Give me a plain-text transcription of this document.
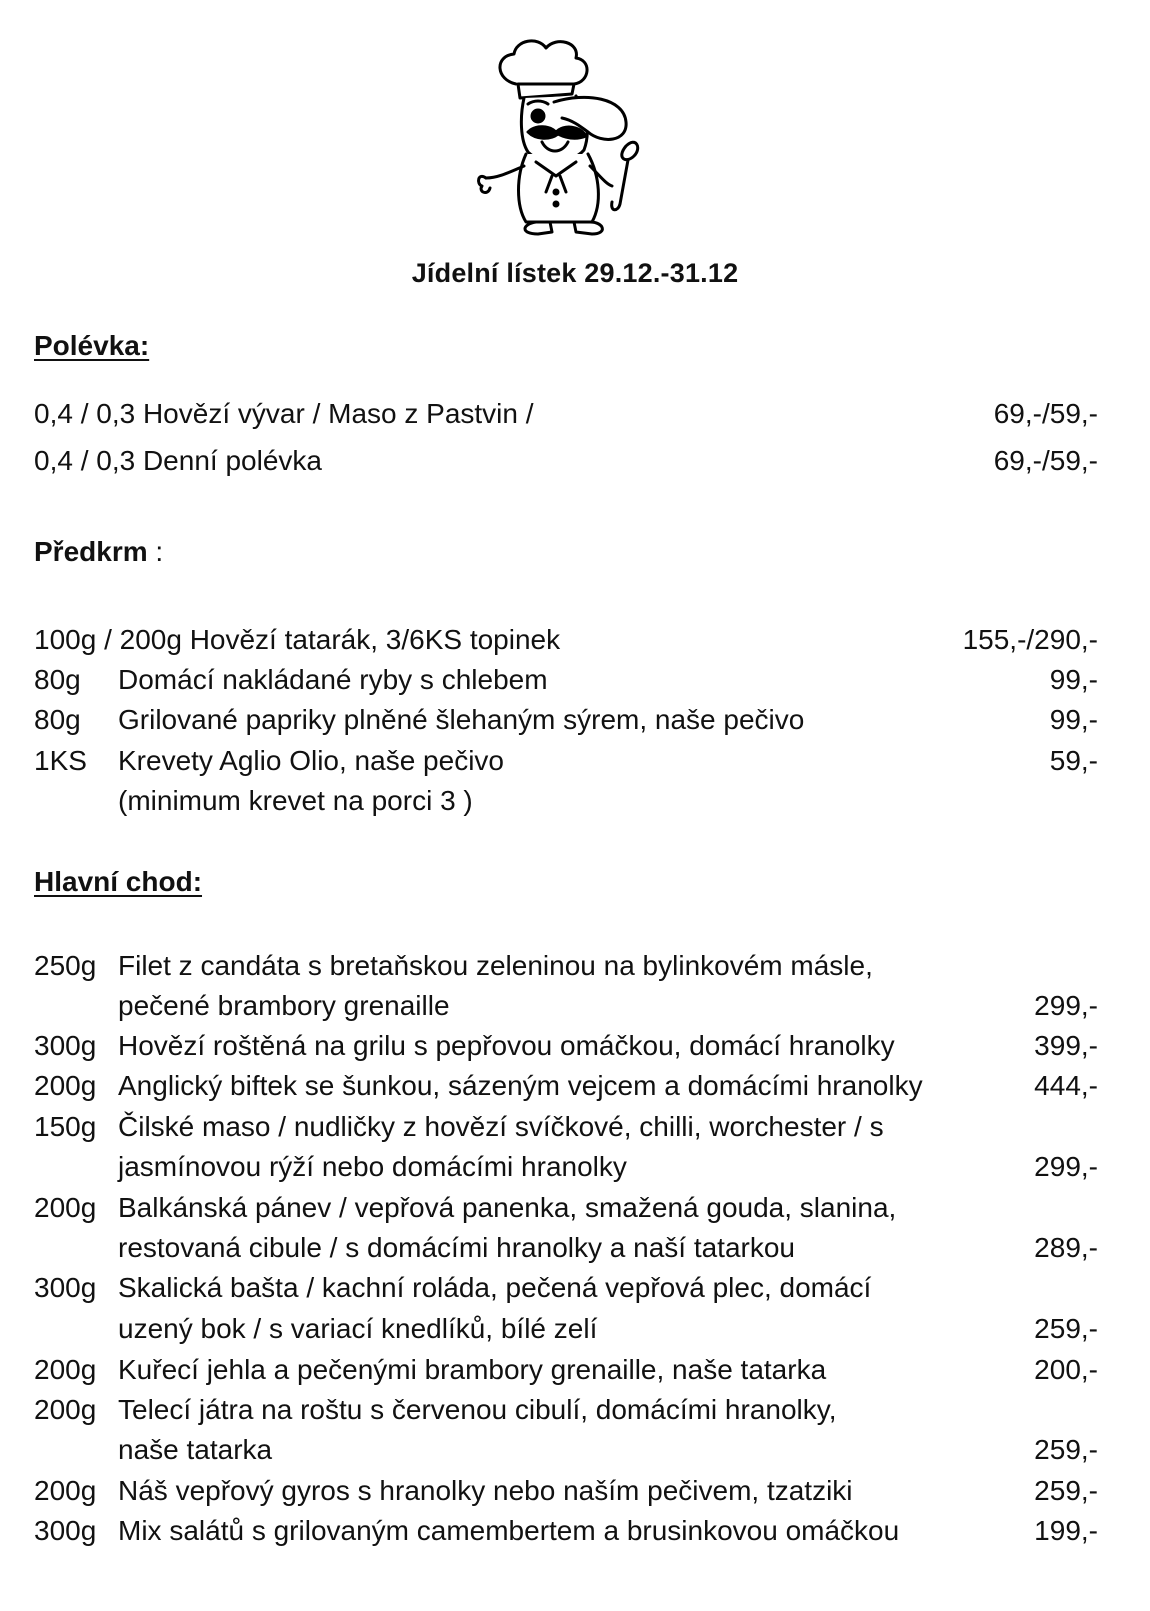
Jídelní lístek 29.12.-31.12
Polévka:
0,4 / 0,3 Hovězí vývar / Maso z Pastvin /	69,-/59,-
0,4 / 0,3 Denní polévka	69,-/59,-
Předkrm :
100g / 200g Hovězí tatarák, 3/6KS topinek	155,-/290,-
80g Domácí nakládané ryby s chlebem	99,-
80g Grilované papriky plněné šlehaným sýrem, naše pečivo	99,-
1KS Krevety Aglio Olio, naše pečivo	59,-
(minimum krevet na porci 3 )
Hlavní chod:
250g Filet z candáta s bretaňskou zeleninou na bylinkovém másle,
pečené brambory grenaille	299,-
300g Hovězí roštěná na grilu s pepřovou omáčkou, domácí hranolky	399,-
200g Anglický biftek se šunkou, sázeným vejcem a domácími hranolky	444,-
150g Čilské maso / nudličky z hovězí svíčkové, chilli, worchester / s
jasmínovou rýží nebo domácími hranolky	299,-
200g Balkánská pánev / vepřová panenka, smažená gouda, slanina,
restovaná cibule / s domácími hranolky a naší tatarkou	289,-
300g Skalická bašta / kachní roláda, pečená vepřová plec, domácí
uzený bok / s variací knedlíků, bílé zelí	259,-
200g Kuřecí jehla a pečenými brambory grenaille, naše tatarka	200,-
200g Telecí játra na roštu s červenou cibulí, domácími hranolky,
naše tatarka	259,-
200g Náš vepřový gyros s hranolky nebo naším pečivem, tzatziki	259,-
300g Mix salátů s grilovaným camembertem a brusinkovou omáčkou	199,-
